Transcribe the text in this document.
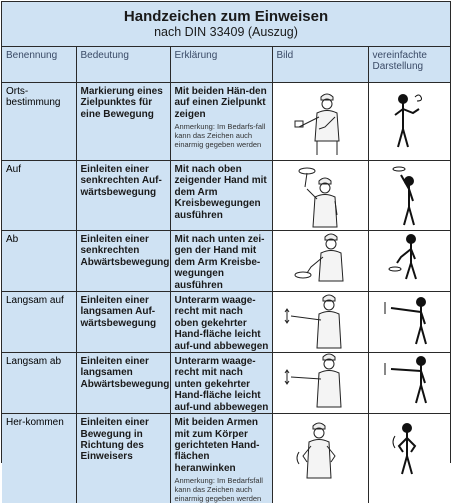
Handzeichen zum Einweisen
nach DIN 33409 (Auszug)
Benennung	Bedeutung	Erklärung	Bild	vereinfachte Darstellung
Orts-bestimmung	Markierung eines Zielpunktes für eine Bewegung	Mit beiden Hän-den auf einen Zielpunkt zeigen
Anmerkung: Im Bedarfs-fall kann das Zeichen auch einarmig gegeben werden

Auf	Einleiten einer senkrechten Auf-wärtsbewegung	Mit nach oben zeigender Hand mit dem Arm Kreisbewegungen ausführen	

Ab	Einleiten einer senkrechten Abwärtsbewegung	Mit nach unten zei-gen der Hand mit dem Arm Kreisbe-wegungen ausführen	

Langsam auf	Einleiten einer langsamen Auf-wärtsbewegung	Unterarm waage-recht mit nach oben gekehrter Hand-fläche leicht auf-und abbewegen	

Langsam ab	Einleiten einer langsamen Abwärtsbewegung	Unterarm waage-recht mit nach unten gekehrter Hand-fläche leicht auf-und abbewegen	

Her-kommen	Einleiten einer Bewegung in Richtung des Einweisers	Mit beiden Armen mit zum Körper gerichteten Hand-flächen heranwinken
Anmerkung: Im Bedarfsfall kann das Zeichen auch einarmig gegeben werden
